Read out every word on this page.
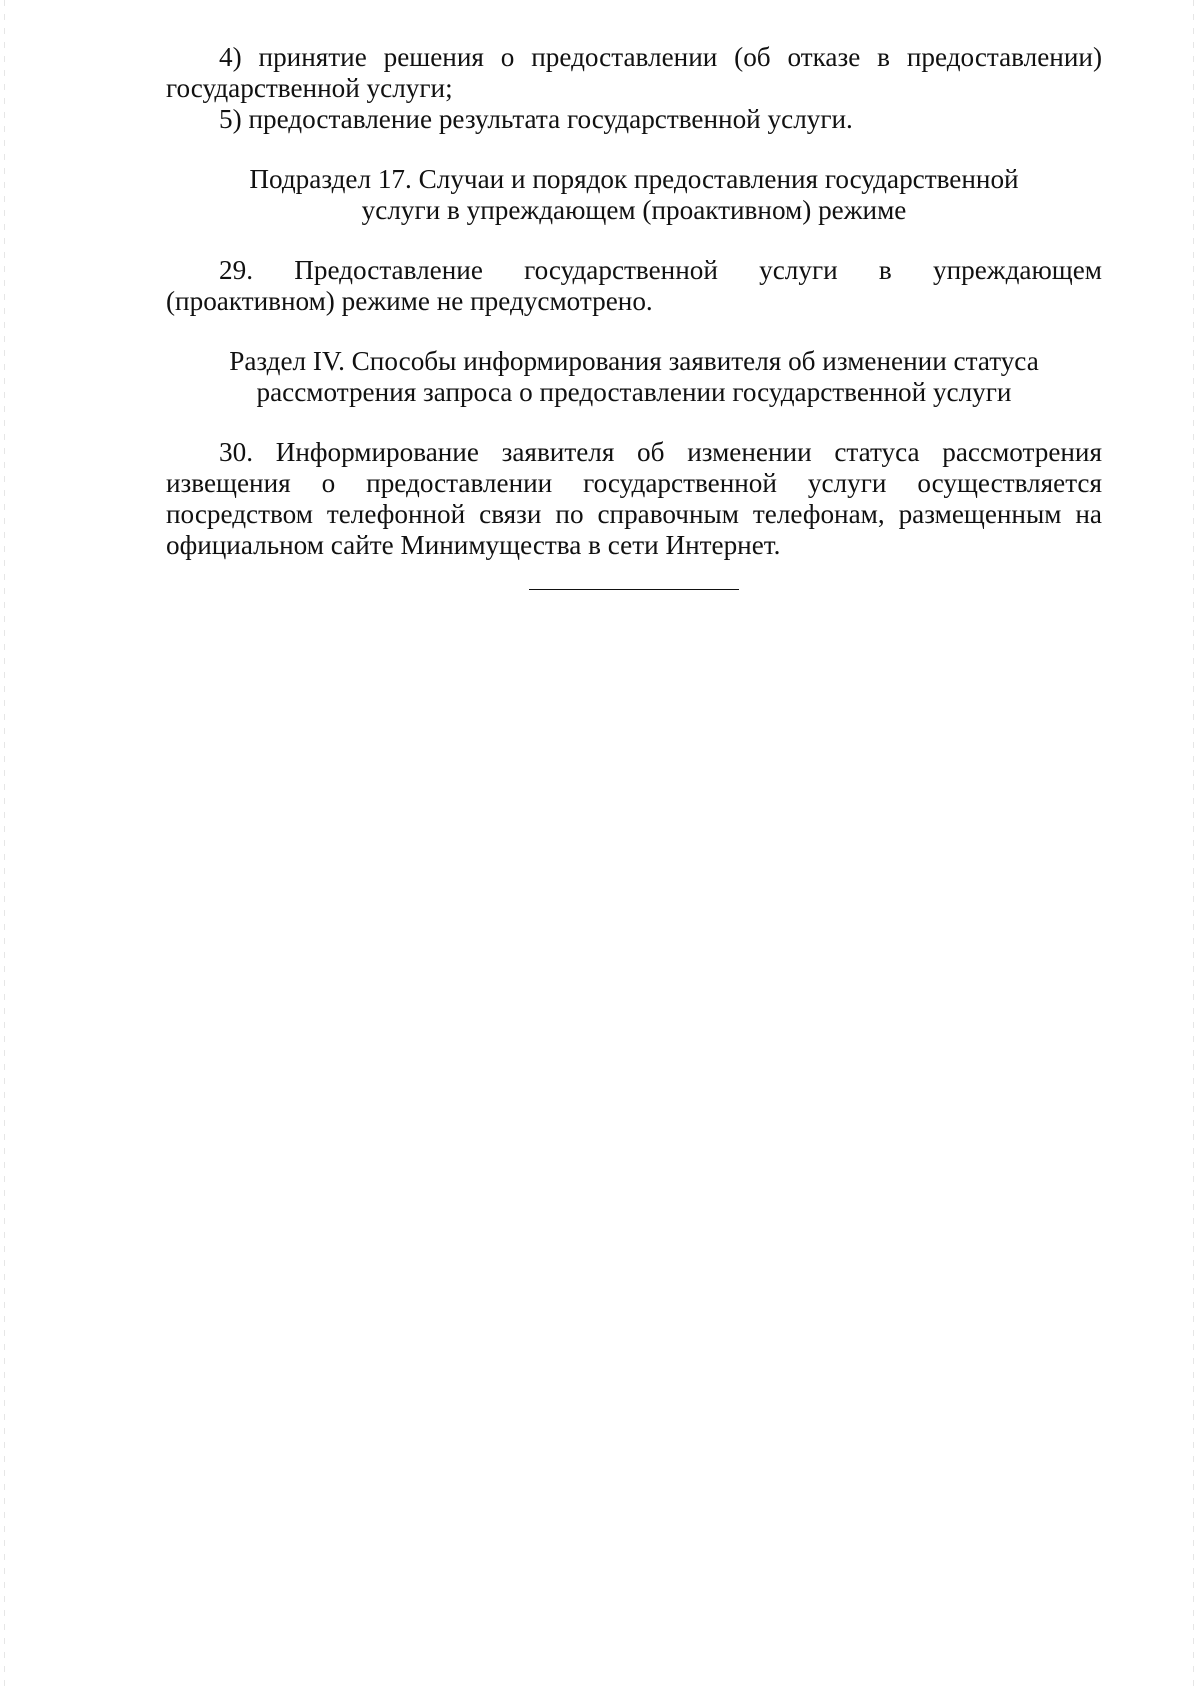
4) принятие решения о предоставлении (об отказе в предоставлении)

государственной услуги;

5) предоставление результата государственной услуги.

Подраздел 17. Случаи и порядок предоставления государственной
услуги в упреждающем (проактивном) режиме

29. Предоставление государственной услуги в упреждающем (проактивном) режиме не предусмотрено.

Раздел IV. Способы информирования заявителя об изменении статуса
рассмотрения запроса о предоставлении государственной услуги

30. Информирование заявителя об изменении статуса рассмотрения извещения о предоставлении государственной услуги осуществляется посредством телефонной связи по справочным телефонам, размещенным на официальном сайте Минимущества в сети Интернет.
